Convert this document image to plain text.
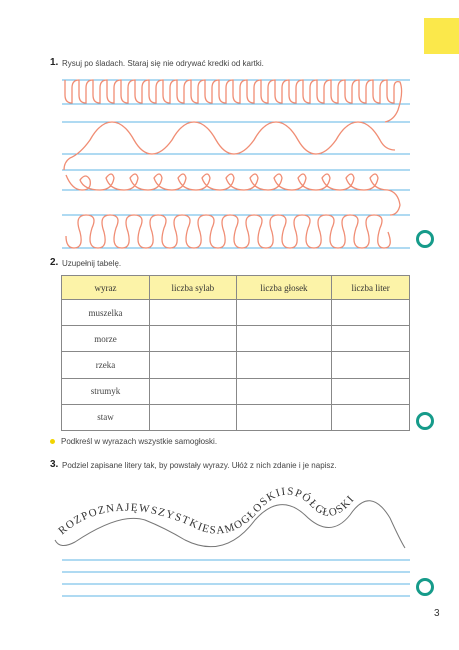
1. Rysuj po śladach. Staraj się nie odrywać kredki od kartki.
2. Uzupełnij tabelę.
wyraz	liczba sylab	liczba głosek	liczba liter
muszelka			
morze			
rzeka			
strumyk			
staw			
Podkreśl w wyrazach wszystkie samogłoski.
3. Podziel zapisane litery tak, by powstały wyrazy. Ułóż z nich zdanie i je napisz.
ROZPOZNAJĘWSZYSTKIESAMOGŁOSKIISPÓŁGŁOSKI
3
